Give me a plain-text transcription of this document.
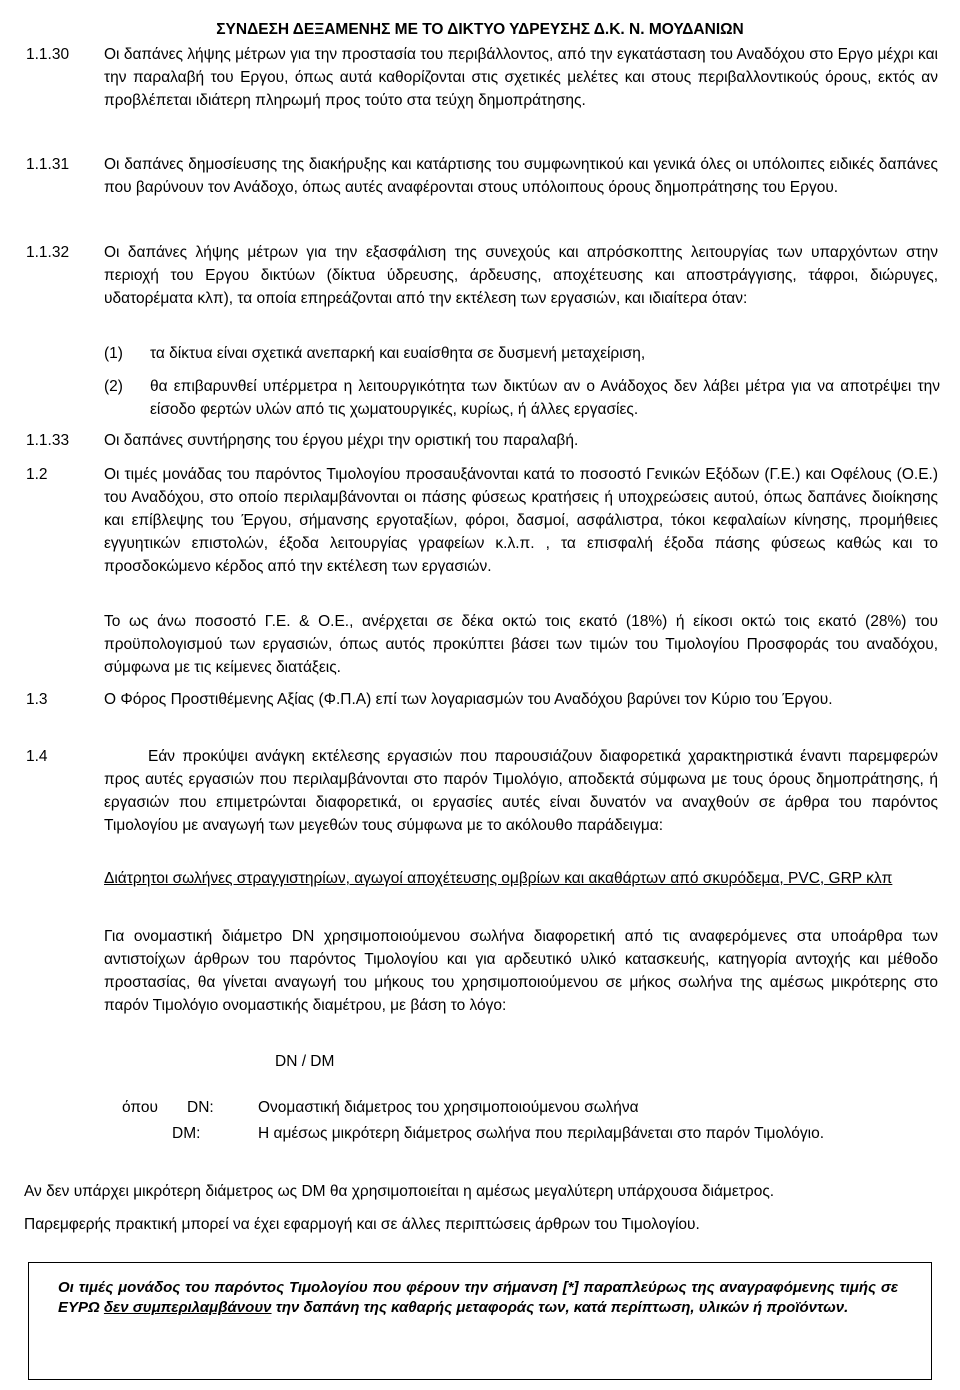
ΣΥΝΔΕΣΗ ΔΕΞΑΜΕΝΗΣ ΜΕ ΤΟ ΔΙΚΤΥΟ ΥΔΡΕΥΣΗΣ Δ.Κ. Ν. ΜΟΥΔΑΝΙΩΝ
1.1.30	Οι δαπάνες λήψης μέτρων για την προστασία του περιβάλλοντος, από την εγκατάσταση του Αναδόχου στο Εργο μέχρι και την παραλαβή του Εργου, όπως αυτά καθορίζονται στις σχετικές μελέτες και στους περιβαλλοντικούς όρους, εκτός αν προβλέπεται ιδιάτερη πληρωμή προς τούτο στα τεύχη δημοπράτησης.
1.1.31	Οι δαπάνες δημοσίευσης της διακήρυξης και κατάρτισης του συμφωνητικού και γενικά όλες οι υπόλοιπες ειδικές δαπάνες που βαρύνουν τον Ανάδοχο, όπως αυτές αναφέρονται στους υπόλοιπους όρους δημοπράτησης του Εργου.
1.1.32	Οι δαπάνες λήψης μέτρων για την εξασφάλιση της συνεχούς και απρόσκοπτης λειτουργίας των υπαρχόντων στην περιοχή του Εργου δικτύων (δίκτυα ύδρευσης, άρδευσης, αποχέτευσης και αποστράγγισης, τάφροι, διώρυγες, υδατορέματα κλπ), τα οποία επηρεάζονται από την εκτέλεση των εργασιών, και ιδιαίτερα όταν:
(1)	τα δίκτυα είναι σχετικά ανεπαρκή και ευαίσθητα σε δυσμενή μεταχείριση,
(2)	θα επιβαρυνθεί υπέρμετρα η λειτουργικότητα των δικτύων αν ο Ανάδοχος δεν λάβει μέτρα για να αποτρέψει την είσοδο φερτών υλών από τις χωματουργικές, κυρίως, ή άλλες εργασίες.
1.1.33	Οι δαπάνες συντήρησης του έργου μέχρι την οριστική του παραλαβή.
1.2	Οι τιμές μονάδας του παρόντος Τιμολογίου προσαυξάνονται κατά το ποσοστό Γενικών Εξόδων (Γ.Ε.) και Οφέλους (Ο.Ε.) του Αναδόχου, στο οποίο περιλαμβάνονται οι πάσης φύσεως κρατήσεις ή υποχρεώσεις αυτού, όπως δαπάνες διοίκησης και επίβλεψης του Έργου, σήμανσης εργοταξίων, φόροι, δασμοί, ασφάλιστρα, τόκοι κεφαλαίων κίνησης, προμήθειες εγγυητικών επιστολών, έξοδα λειτουργίας γραφείων κ.λ.π. , τα επισφαλή έξοδα πάσης φύσεως καθώς και το προσδοκώμενο κέρδος από την εκτέλεση των εργασιών.
Το ως άνω ποσοστό Γ.Ε. & Ο.Ε., ανέρχεται σε δέκα οκτώ τοις εκατό (18%) ή είκοσι οκτώ τοις εκατό (28%) του προϋπολογισμού των εργασιών, όπως αυτός προκύπτει βάσει των τιμών του Τιμολογίου Προσφοράς του αναδόχου, σύμφωνα με τις κείμενες διατάξεις.
1.3	Ο Φόρος Προστιθέμενης Αξίας (Φ.Π.Α) επί των λογαριασμών του Αναδόχου βαρύνει τον Κύριο του Έργου.
1.4	Εάν προκύψει ανάγκη εκτέλεσης εργασιών που παρουσιάζουν διαφορετικά χαρακτηριστικά έναντι παρεμφερών προς αυτές εργασιών που περιλαμβάνονται στο παρόν Τιμολόγιο, αποδεκτά σύμφωνα με τους όρους δημοπράτησης, ή εργασιών που επιμετρώνται διαφορετικά, οι εργασίες αυτές είναι δυνατόν να αναχθούν σε άρθρα του παρόντος Τιμολογίου με αναγωγή των μεγεθών τους σύμφωνα με το ακόλουθο παράδειγμα:
Διάτρητοι σωλήνες στραγγιστηρίων, αγωγοί αποχέτευσης ομβρίων και ακαθάρτων από σκυρόδεμα, PVC, GRP κλπ
Για ονομαστική διάμετρο DN χρησιμοποιούμενου σωλήνα διαφορετική από τις αναφερόμενες στα υποάρθρα των αντιστοίχων άρθρων του παρόντος Τιμολογίου και για αρδευτικό υλικό κατασκευής, κατηγορία αντοχής και μέθοδο προστασίας, θα γίνεται αναγωγή του μήκους του χρησιμοποιούμενου σε μήκος σωλήνα της αμέσως μικρότερης στο παρόν Τιμολόγιο ονομαστικής διαμέτρου, με βάση το λόγο:
DN / DM
όπου DN:	Ονομαστική διάμετρος του χρησιμοποιούμενου σωλήνα
DM:	Η αμέσως μικρότερη διάμετρος σωλήνα που περιλαμβάνεται στο παρόν Τιμολόγιο.
Αν δεν υπάρχει μικρότερη διάμετρος ως DM θα χρησιμοποιείται η αμέσως μεγαλύτερη υπάρχουσα διάμετρος.
Παρεμφερής πρακτική μπορεί να έχει εφαρμογή και σε άλλες περιπτώσεις άρθρων του Τιμολογίου.
Οι τιμές μονάδος του παρόντος Τιμολογίου που φέρουν την σήμανση [*] παραπλεύρως της αναγραφόμενης τιμής σε ΕΥΡΩ δεν συμπεριλαμβάνουν την δαπάνη της καθαρής μεταφοράς των, κατά περίπτωση, υλικών ή προϊόντων.
